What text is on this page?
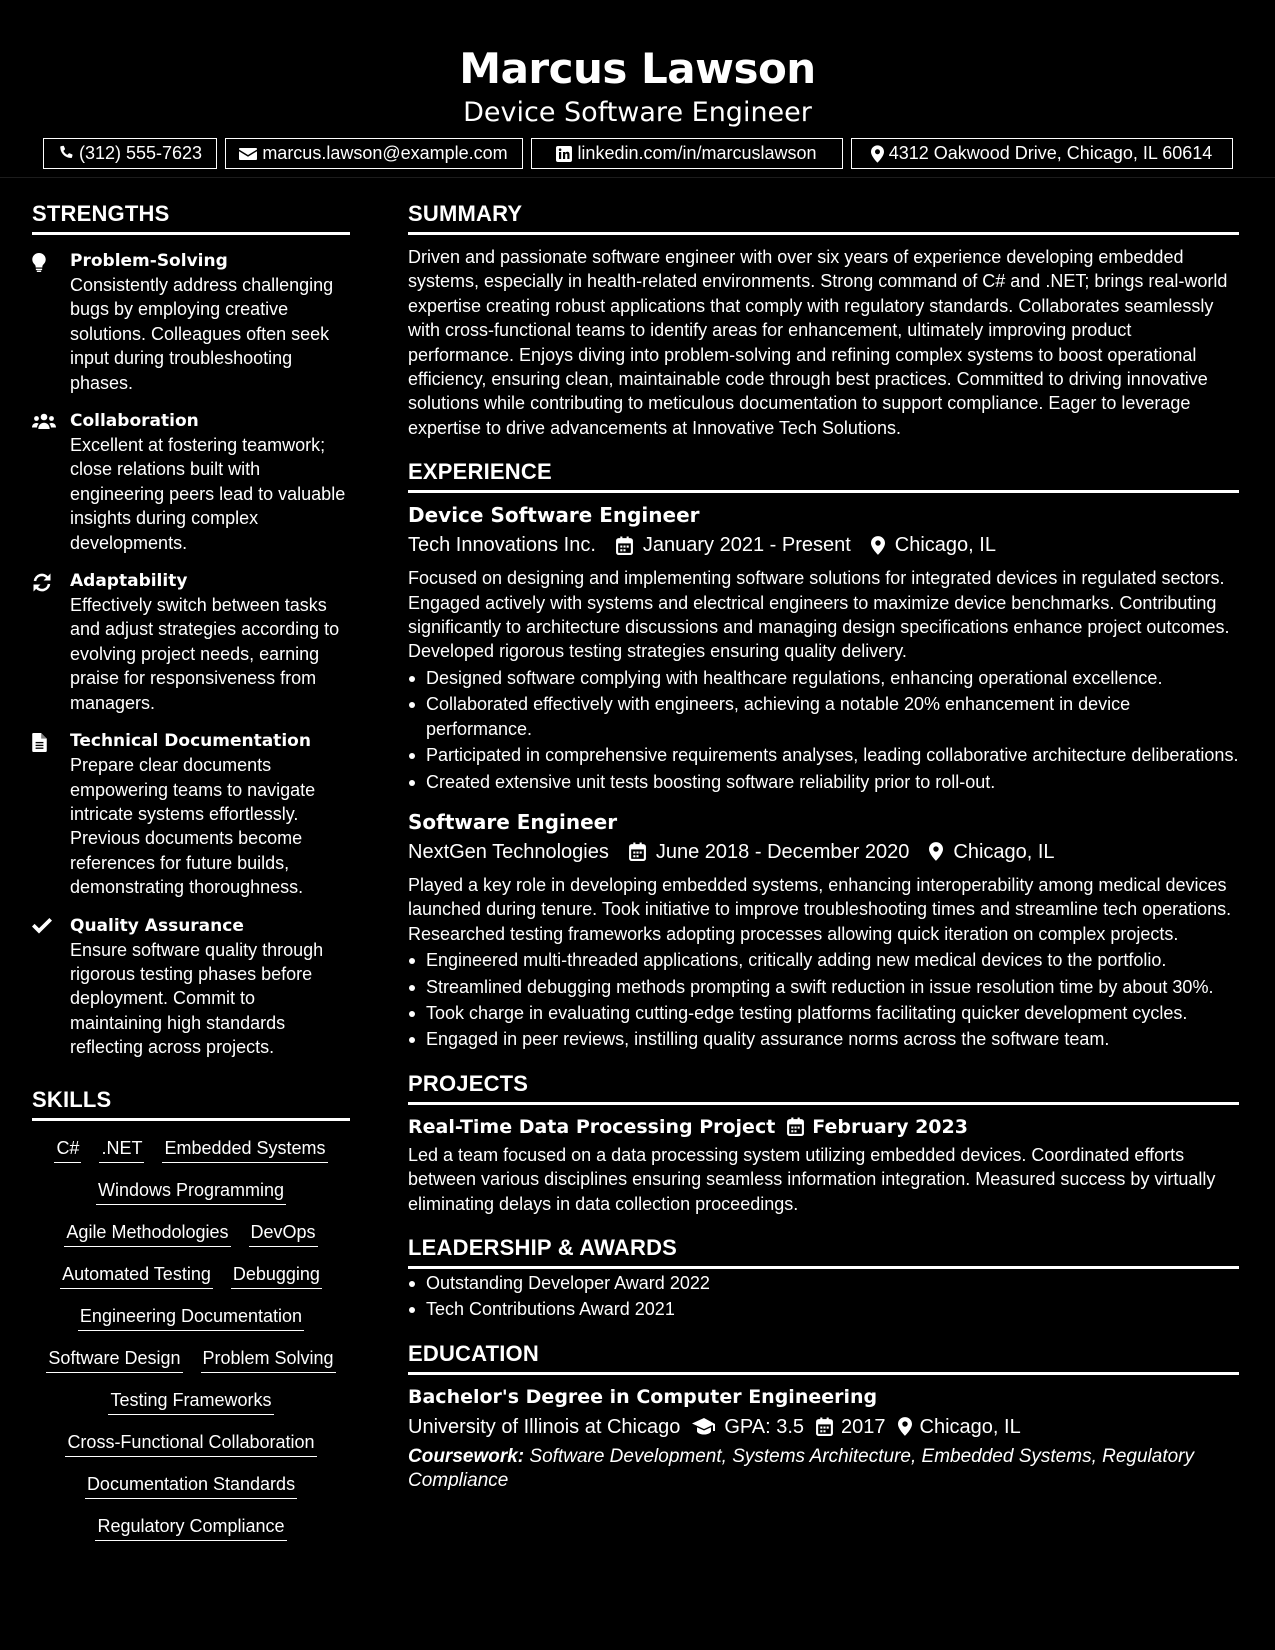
Marcus Lawson
Device Software Engineer
(312) 555-7623	marcus.lawson@example.com	linkedin.com/in/marcuslawson	4312 Oakwood Drive, Chicago, IL 60614
STRENGTHS
Problem-Solving
Consistently address challenging bugs by employing creative solutions. Colleagues often seek input during troubleshooting phases.
Collaboration
Excellent at fostering teamwork; close relations built with engineering peers lead to valuable insights during complex developments.
Adaptability
Effectively switch between tasks and adjust strategies according to evolving project needs, earning praise for responsiveness from managers.
Technical Documentation
Prepare clear documents empowering teams to navigate intricate systems effortlessly. Previous documents become references for future builds, demonstrating thoroughness.
Quality Assurance
Ensure software quality through rigorous testing phases before deployment. Commit to maintaining high standards reflecting across projects.
SKILLS
C# .NET Embedded Systems
Windows Programming
Agile Methodologies DevOps
Automated Testing Debugging
Engineering Documentation
Software Design Problem Solving
Testing Frameworks
Cross-Functional Collaboration
Documentation Standards
Regulatory Compliance
SUMMARY
Driven and passionate software engineer with over six years of experience developing embedded systems, especially in health-related environments. Strong command of C# and .NET; brings real-world expertise creating robust applications that comply with regulatory standards. Collaborates seamlessly with cross-functional teams to identify areas for enhancement, ultimately improving product performance. Enjoys diving into problem-solving and refining complex systems to boost operational efficiency, ensuring clean, maintainable code through best practices. Committed to driving innovative solutions while contributing to meticulous documentation to support compliance. Eager to leverage expertise to drive advancements at Innovative Tech Solutions.
EXPERIENCE
Device Software Engineer
Tech Innovations Inc. January 2021 - Present Chicago, IL
Focused on designing and implementing software solutions for integrated devices in regulated sectors. Engaged actively with systems and electrical engineers to maximize device benchmarks. Contributing significantly to architecture discussions and managing design specifications enhance project outcomes. Developed rigorous testing strategies ensuring quality delivery.
Designed software complying with healthcare regulations, enhancing operational excellence.
Collaborated effectively with engineers, achieving a notable 20% enhancement in device performance.
Participated in comprehensive requirements analyses, leading collaborative architecture deliberations.
Created extensive unit tests boosting software reliability prior to roll-out.
Software Engineer
NextGen Technologies June 2018 - December 2020 Chicago, IL
Played a key role in developing embedded systems, enhancing interoperability among medical devices launched during tenure. Took initiative to improve troubleshooting times and streamline tech operations. Researched testing frameworks adopting processes allowing quick iteration on complex projects.
Engineered multi-threaded applications, critically adding new medical devices to the portfolio.
Streamlined debugging methods prompting a swift reduction in issue resolution time by about 30%.
Took charge in evaluating cutting-edge testing platforms facilitating quicker development cycles.
Engaged in peer reviews, instilling quality assurance norms across the software team.
PROJECTS
Real-Time Data Processing Project February 2023
Led a team focused on a data processing system utilizing embedded devices. Coordinated efforts between various disciplines ensuring seamless information integration. Measured success by virtually eliminating delays in data collection proceedings.
LEADERSHIP & AWARDS
Outstanding Developer Award 2022
Tech Contributions Award 2021
EDUCATION
Bachelor's Degree in Computer Engineering
University of Illinois at Chicago GPA: 3.5 2017 Chicago, IL
Coursework: Software Development, Systems Architecture, Embedded Systems, Regulatory Compliance
